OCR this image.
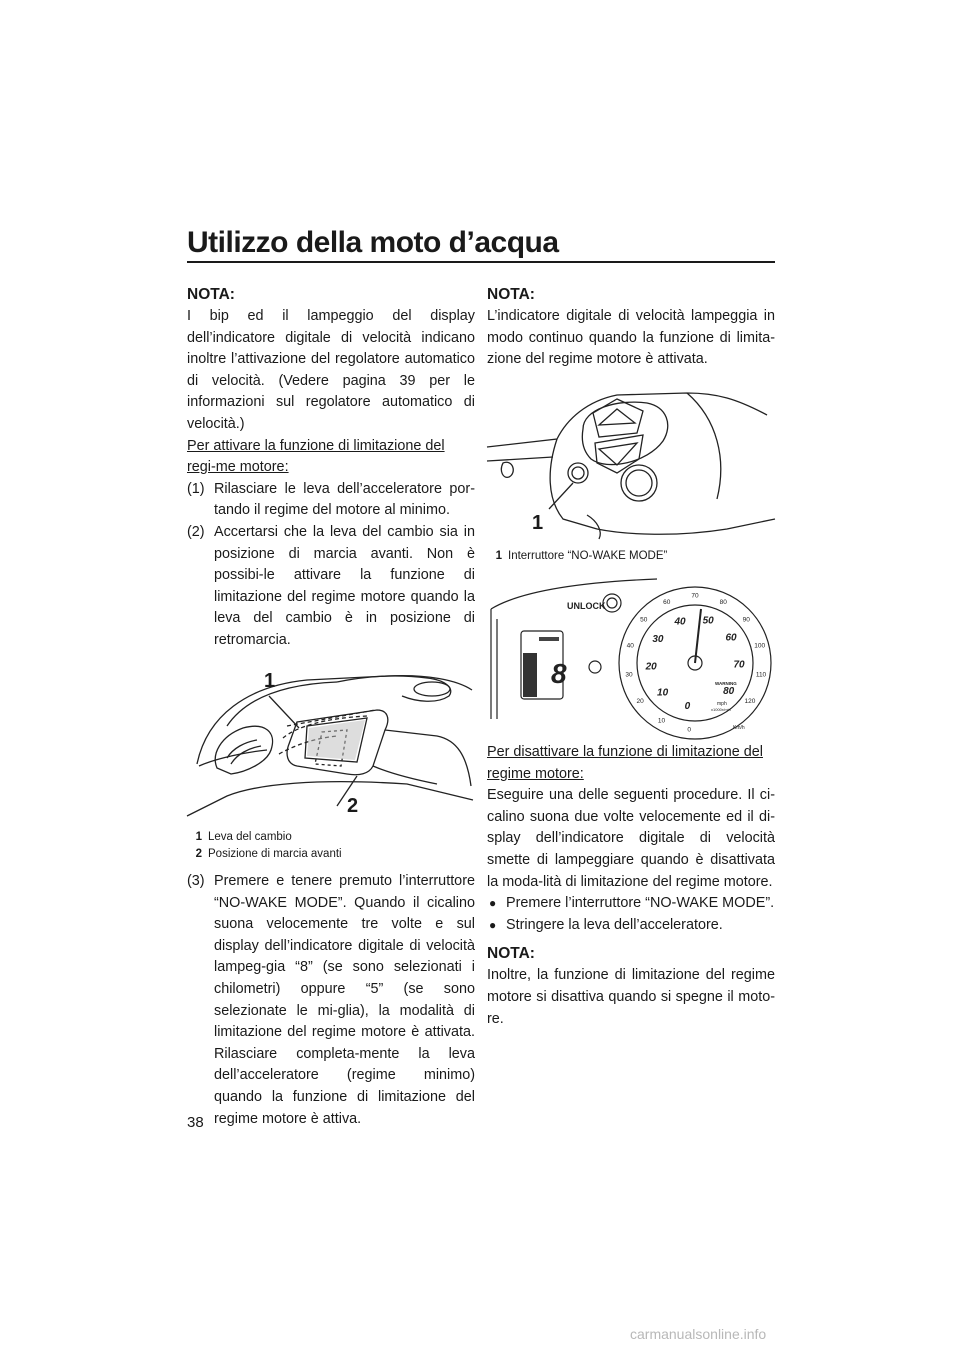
Utilizzo della moto d’acqua
NOTA:

I bip ed il lampeggio del display dell’indicatore digitale di velocità indicano inoltre l’attivazione del regolatore automatico di velocità. (Vedere pagina 39 per le informazioni sul regolatore automatico di velocità.)

Per attivare la funzione di limitazione del regi-me motore:

(1) Rilasciare le leva dell’acceleratore por-tando il regime del motore al minimo.
(2) Accertarsi che la leva del cambio sia in posizione di marcia avanti. Non è possibi-le attivare la funzione di limitazione del regime motore quando la leva del cambio è in posizione di retromarcia.
1
2
1 Leva del cambio
2 Posizione di marcia avanti
(3) Premere e tenere premuto l’interruttore “NO-WAKE MODE”. Quando il cicalino suona velocemente tre volte e sul display dell’indicatore digitale di velocità lampeg-gia “8” (se sono selezionati i chilometri) oppure “5” (se sono selezionate le mi-glia), la modalità di limitazione del regime motore è attivata. Rilasciare completa-mente la leva dell’acceleratore (regime minimo) quando la funzione di limitazione del regime motore è attiva.
NOTA:

L’indicatore digitale di velocità lampeggia in modo continuo quando la funzione di limita-zione del regime motore è attivata.

1
1 Interruttore “NO-WAKE MODE”
8
UNLOCK
0
10
20
30
40 50
60
70
80
0
10
20
30
40
50
60
70
80
90
100
110
120
mph
Km/h
x1000r/min
WARNING

Per disattivare la funzione di limitazione del regime motore:

Eseguire una delle seguenti procedure. Il ci-calino suona due volte velocemente ed il di-splay dell’indicatore digitale di velocità smette di lampeggiare quando è disattivata la moda-lità di limitazione del regime motore.

● Premere l’interruttore “NO-WAKE MODE”.
● Stringere la leva dell’acceleratore.
NOTA:

Inoltre, la funzione di limitazione del regime motore si disattiva quando si spegne il moto-re.

38
carmanualsonline.info
